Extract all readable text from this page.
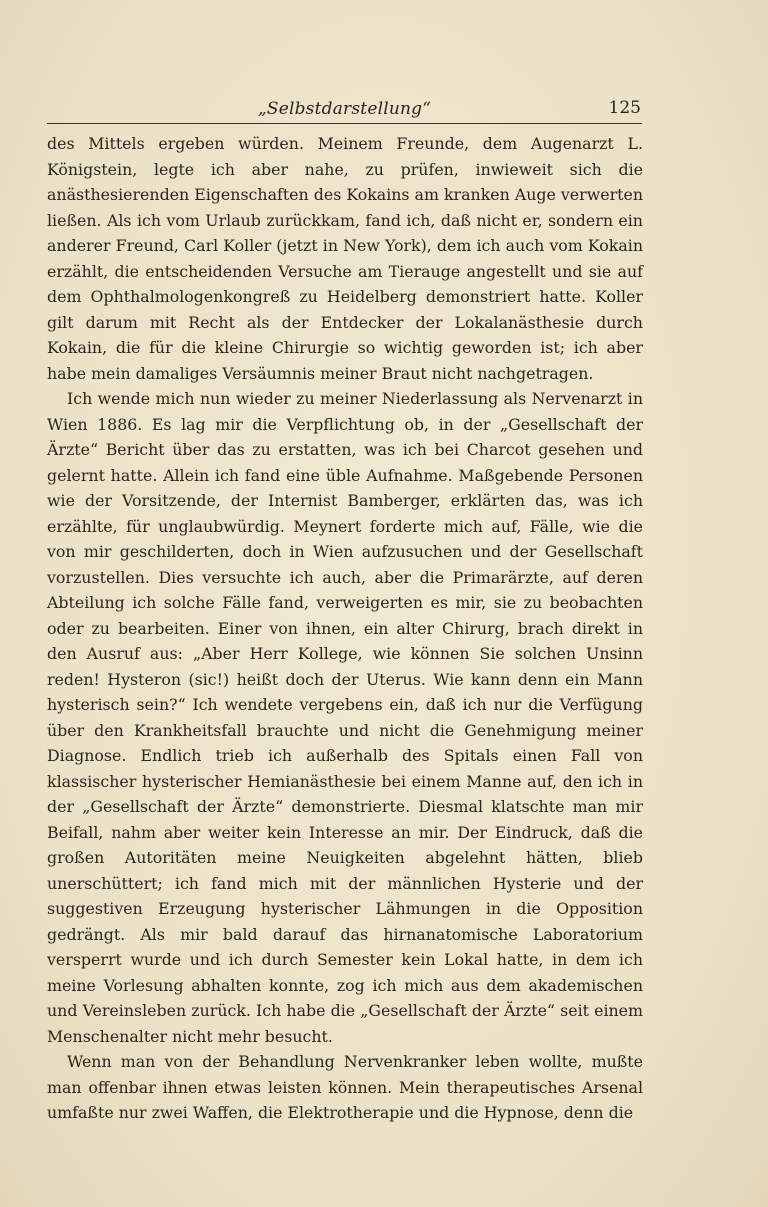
„Selbstdarstellung“	125

des Mittels ergeben würden. Meinem Freunde, dem Augenarzt L. Königstein, legte ich aber nahe, zu prüfen, inwieweit sich die anästhesierenden Eigenschaften des Kokains am kranken Auge verwerten ließen. Als ich vom Urlaub zurückkam, fand ich, daß nicht er, sondern ein anderer Freund, Carl Koller (jetzt in New York), dem ich auch vom Kokain erzählt, die entscheidenden Versuche am Tierauge angestellt und sie auf dem Ophthalmologenkongreß zu Heidelberg demonstriert hatte. Koller gilt darum mit Recht als der Entdecker der Lokalanästhesie durch Kokain, die für die kleine Chirurgie so wichtig geworden ist; ich aber habe mein damaliges Versäumnis meiner Braut nicht nachgetragen.

Ich wende mich nun wieder zu meiner Niederlassung als Nervenarzt in Wien 1886. Es lag mir die Verpflichtung ob, in der „Gesellschaft der Ärzte“ Bericht über das zu erstatten, was ich bei Charcot gesehen und gelernt hatte. Allein ich fand eine üble Aufnahme. Maßgebende Personen wie der Vorsitzende, der Internist Bamberger, erklärten das, was ich erzählte, für unglaubwürdig. Meynert forderte mich auf, Fälle, wie die von mir geschilderten, doch in Wien aufzusuchen und der Gesellschaft vorzustellen. Dies versuchte ich auch, aber die Primarärzte, auf deren Abteilung ich solche Fälle fand, verweigerten es mir, sie zu beobachten oder zu bearbeiten. Einer von ihnen, ein alter Chirurg, brach direkt in den Ausruf aus: „Aber Herr Kollege, wie können Sie solchen Unsinn reden! Hysteron (sic!) heißt doch der Uterus. Wie kann denn ein Mann hysterisch sein?“ Ich wendete vergebens ein, daß ich nur die Verfügung über den Krankheitsfall brauchte und nicht die Genehmigung meiner Diagnose. Endlich trieb ich außerhalb des Spitals einen Fall von klassischer hysterischer Hemianästhesie bei einem Manne auf, den ich in der „Gesellschaft der Ärzte“ demonstrierte. Diesmal klatschte man mir Beifall, nahm aber weiter kein Interesse an mir. Der Eindruck, daß die großen Autoritäten meine Neuigkeiten abgelehnt hätten, blieb unerschüttert; ich fand mich mit der männlichen Hysterie und der suggestiven Erzeugung hysterischer Lähmungen in die Opposition gedrängt. Als mir bald darauf das hirnanatomische Laboratorium versperrt wurde und ich durch Semester kein Lokal hatte, in dem ich meine Vorlesung abhalten konnte, zog ich mich aus dem akademischen und Vereinsleben zurück. Ich habe die „Gesellschaft der Ärzte“ seit einem Menschenalter nicht mehr besucht.

Wenn man von der Behandlung Nervenkranker leben wollte, mußte man offenbar ihnen etwas leisten können. Mein therapeutisches Arsenal umfaßte nur zwei Waffen, die Elektrotherapie und die Hypnose, denn die
